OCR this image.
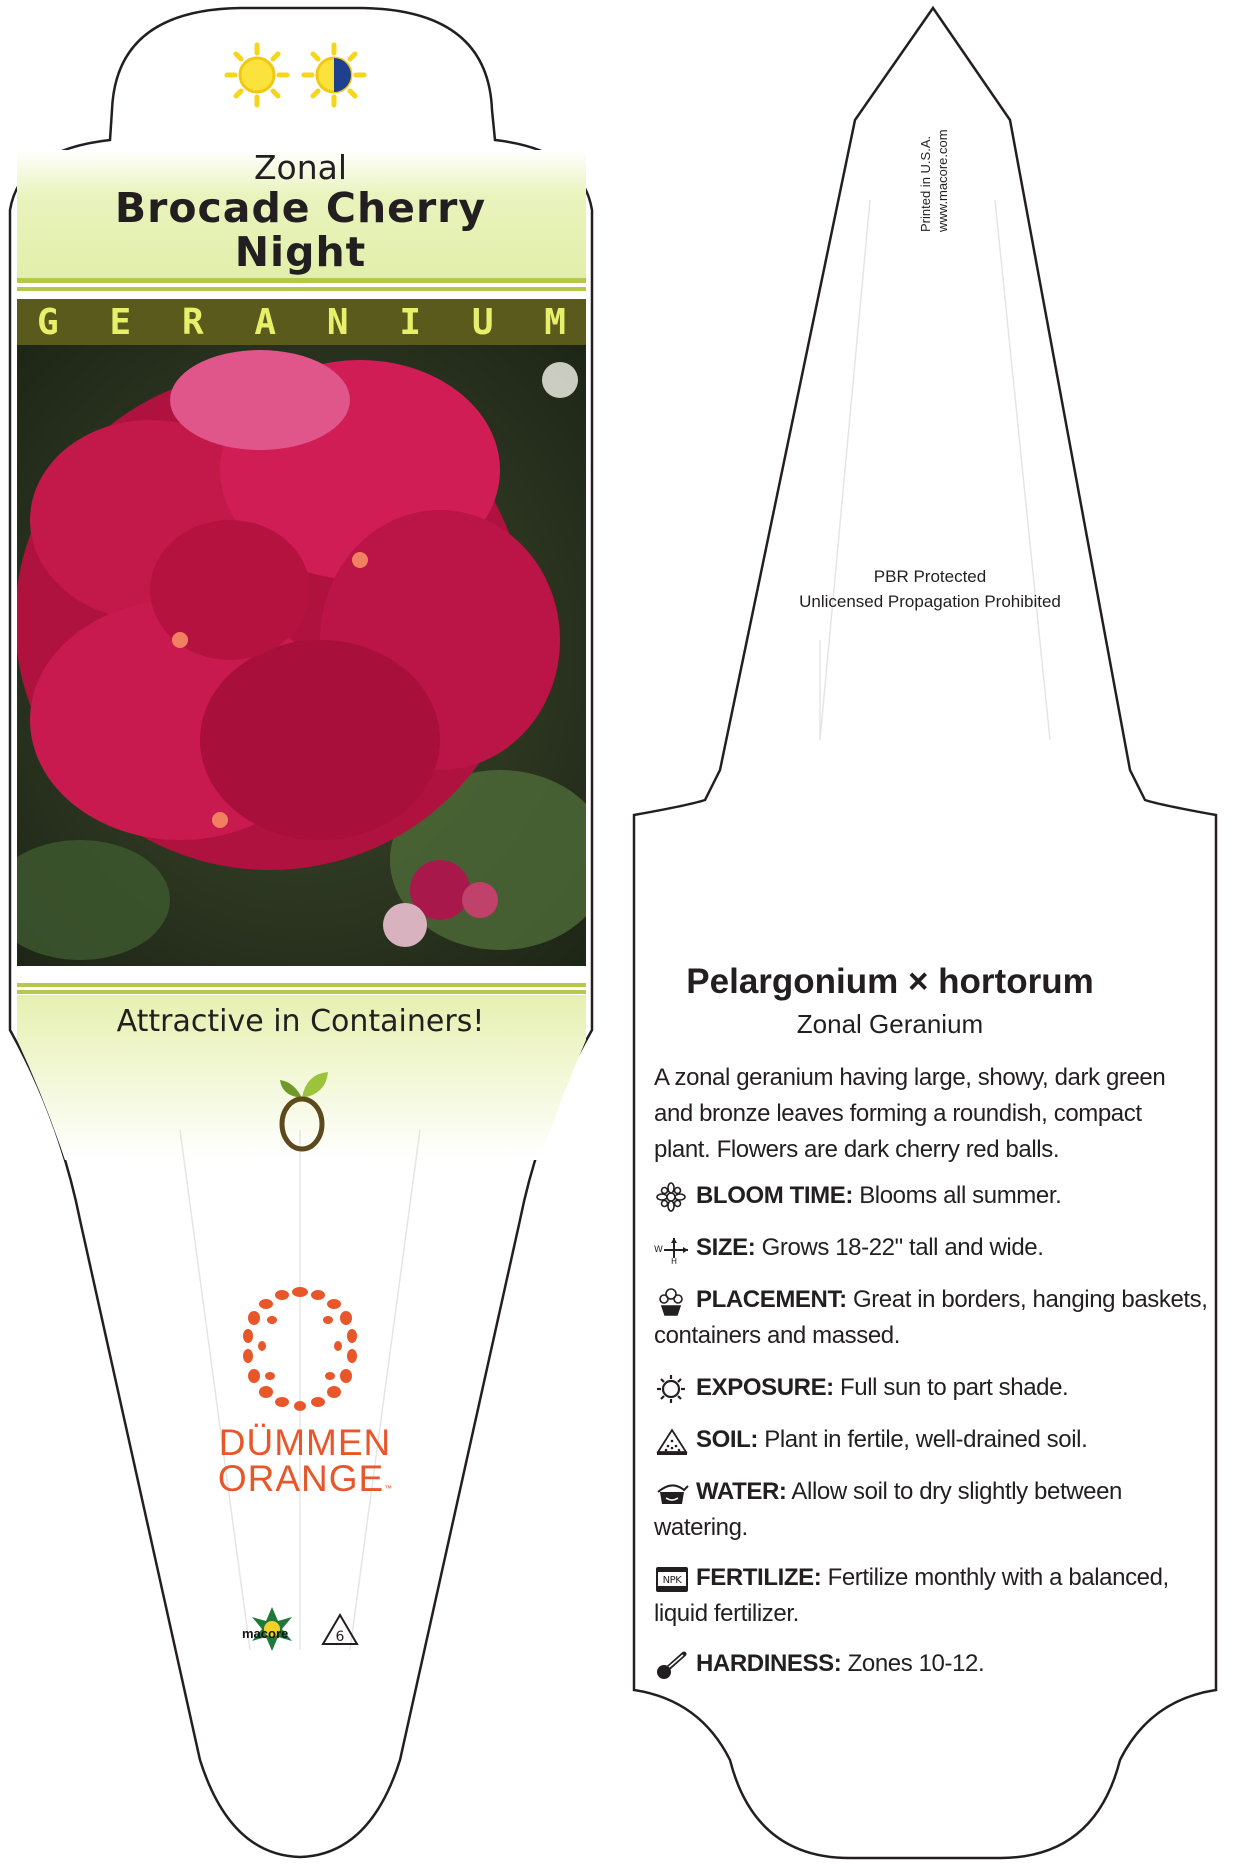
Zonal
Brocade Cherry
Night
G E R A N I U M
Attractive in Containers!
DÜMMEN
ORANGE™
macore	6
Printed in U.S.A. www.macore.com
PBR Protected
Unlicensed Propagation Prohibited
Pelargonium × hortorum
Zonal Geranium
A zonal geranium having large, showy, dark green and bronze leaves forming a roundish, compact plant. Flowers are dark cherry red balls.
BLOOM TIME: Blooms all summer.
W
H
SIZE: Grows 18-22" tall and wide.
PLACEMENT: Great in borders, hanging baskets, containers and massed.
EXPOSURE: Full sun to part shade.
SOIL: Plant in fertile, well-drained soil.
WATER: Allow soil to dry slightly between watering.
NPK FERTILIZE: Fertilize monthly with a balanced, liquid fertilizer.
HARDINESS: Zones 10-12.
